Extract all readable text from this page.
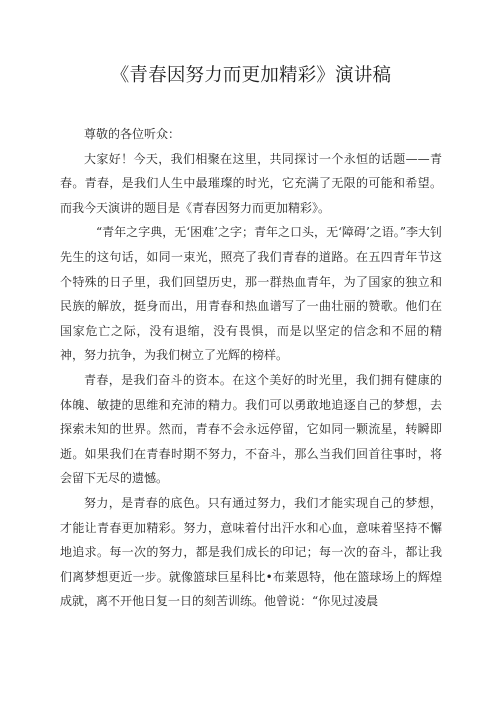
《青春因努力而更加精彩》演讲稿

尊敬的各位听众：

大家好！今天，我们相聚在这里，共同探讨一个永恒的话题——青春。青春，是我们人生中最璀璨的时光，它充满了无限的可能和希望。而我今天演讲的题目是《青春因努力而更加精彩》。

“青年之字典，无‘困难’之字；青年之口头，无‘障碍’之语。”李大钊先生的这句话，如同一束光，照亮了我们青春的道路。在五四青年节这个特殊的日子里，我们回望历史，那一群热血青年，为了国家的独立和民族的解放，挺身而出，用青春和热血谱写了一曲壮丽的赞歌。他们在国家危亡之际，没有退缩，没有畏惧，而是以坚定的信念和不屈的精神，努力抗争，为我们树立了光辉的榜样。

青春，是我们奋斗的资本。在这个美好的时光里，我们拥有健康的体魄、敏捷的思维和充沛的精力。我们可以勇敢地追逐自己的梦想，去探索未知的世界。然而，青春不会永远停留，它如同一颗流星，转瞬即逝。如果我们在青春时期不努力，不奋斗，那么当我们回首往事时，将会留下无尽的遗憾。

努力，是青春的底色。只有通过努力，我们才能实现自己的梦想，才能让青春更加精彩。努力，意味着付出汗水和心血，意味着坚持不懈地追求。每一次的努力，都是我们成长的印记；每一次的奋斗，都让我们离梦想更近一步。就像篮球巨星科比•布莱恩特，他在篮球场上的辉煌成就，离不开他日复一日的刻苦训练。他曾说：“你见过凌晨
